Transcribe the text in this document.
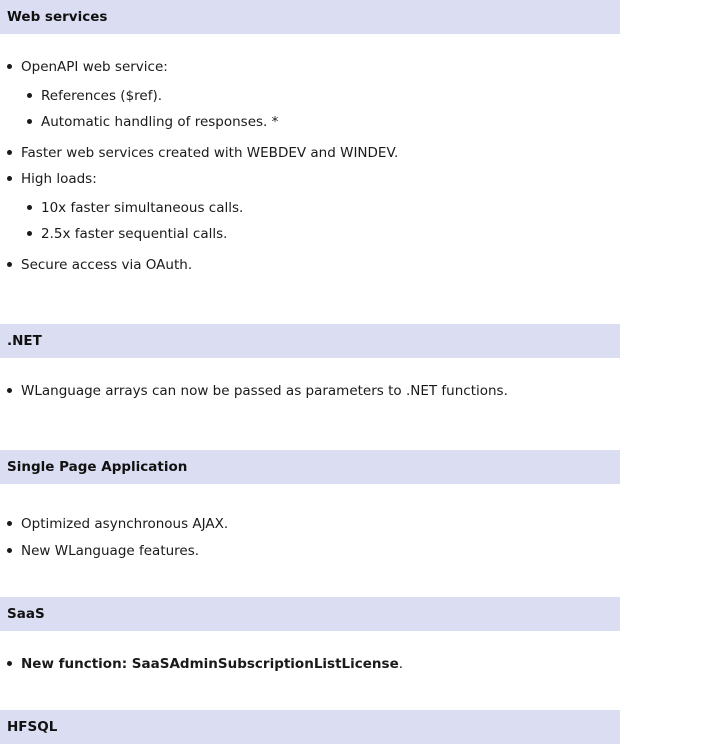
Web services
OpenAPI web service:
References ($ref).
Automatic handling of responses. *
Faster web services created with WEBDEV and WINDEV.
High loads:
10x faster simultaneous calls.
2.5x faster sequential calls.
Secure access via OAuth.
.NET
WLanguage arrays can now be passed as parameters to .NET functions.
Single Page Application
Optimized asynchronous AJAX.
New WLanguage features.
SaaS
New function: SaaSAdminSubscriptionListLicense.
HFSQL
